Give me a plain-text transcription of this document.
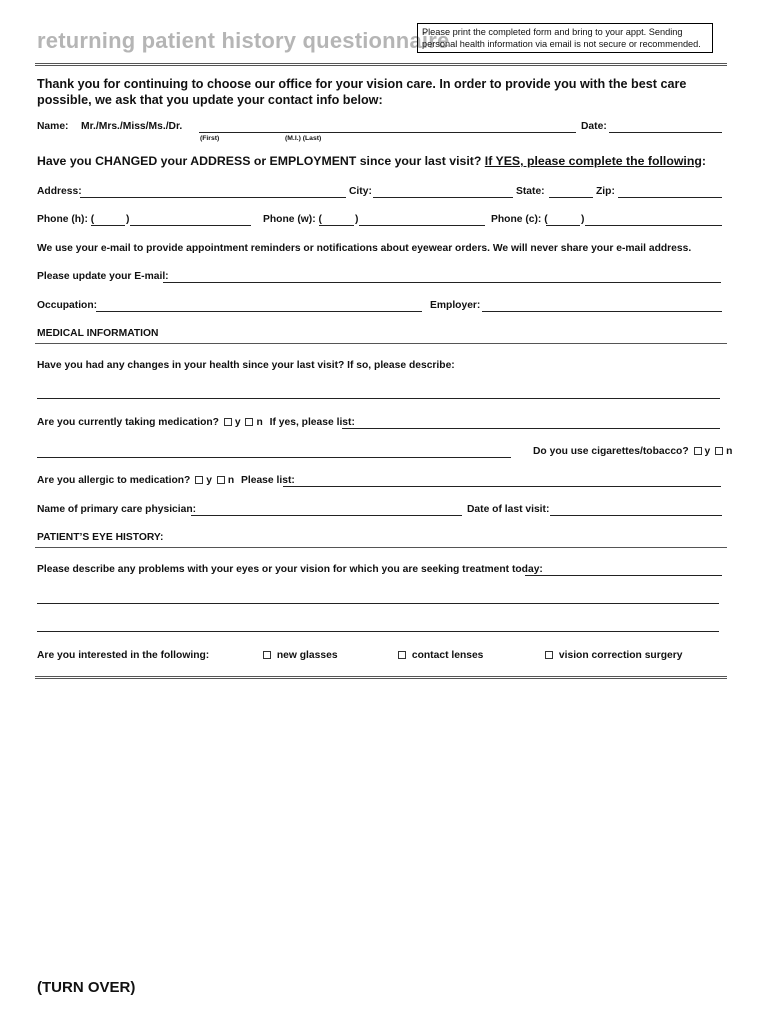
returning patient history questionnaire
Please print the completed form and bring to your appt. Sending personal health information via email is not secure or recommended.
Thank you for continuing to choose our office for your vision care. In order to provide you with the best care possible, we ask that you update your contact info below:
Name: Mr./Mrs./Miss/Ms./Dr.
(First)	(M.I.) (Last)
Date:
Have you CHANGED your ADDRESS or EMPLOYMENT since your last visit? If YES, please complete the following:
Address:	City:	State:	Zip:
Phone (h): (	)	Phone (w): (	)	Phone (c): (	)
We use your e-mail to provide appointment reminders or notifications about eyewear orders. We will never share your e-mail address.
Please update your E-mail:
Occupation:	Employer:
MEDICAL INFORMATION
Have you had any changes in your health since your last visit? If so, please describe:
Are you currently taking medication? y n If yes, please list:
Do you use cigarettes/tobacco? y n
Are you allergic to medication? y n Please list:
Name of primary care physician:	Date of last visit:
PATIENT’S EYE HISTORY:
Please describe any problems with your eyes or your vision for which you are seeking treatment today:
Are you interested in the following:	new glasses	contact lenses	vision correction surgery
(TURN OVER)
